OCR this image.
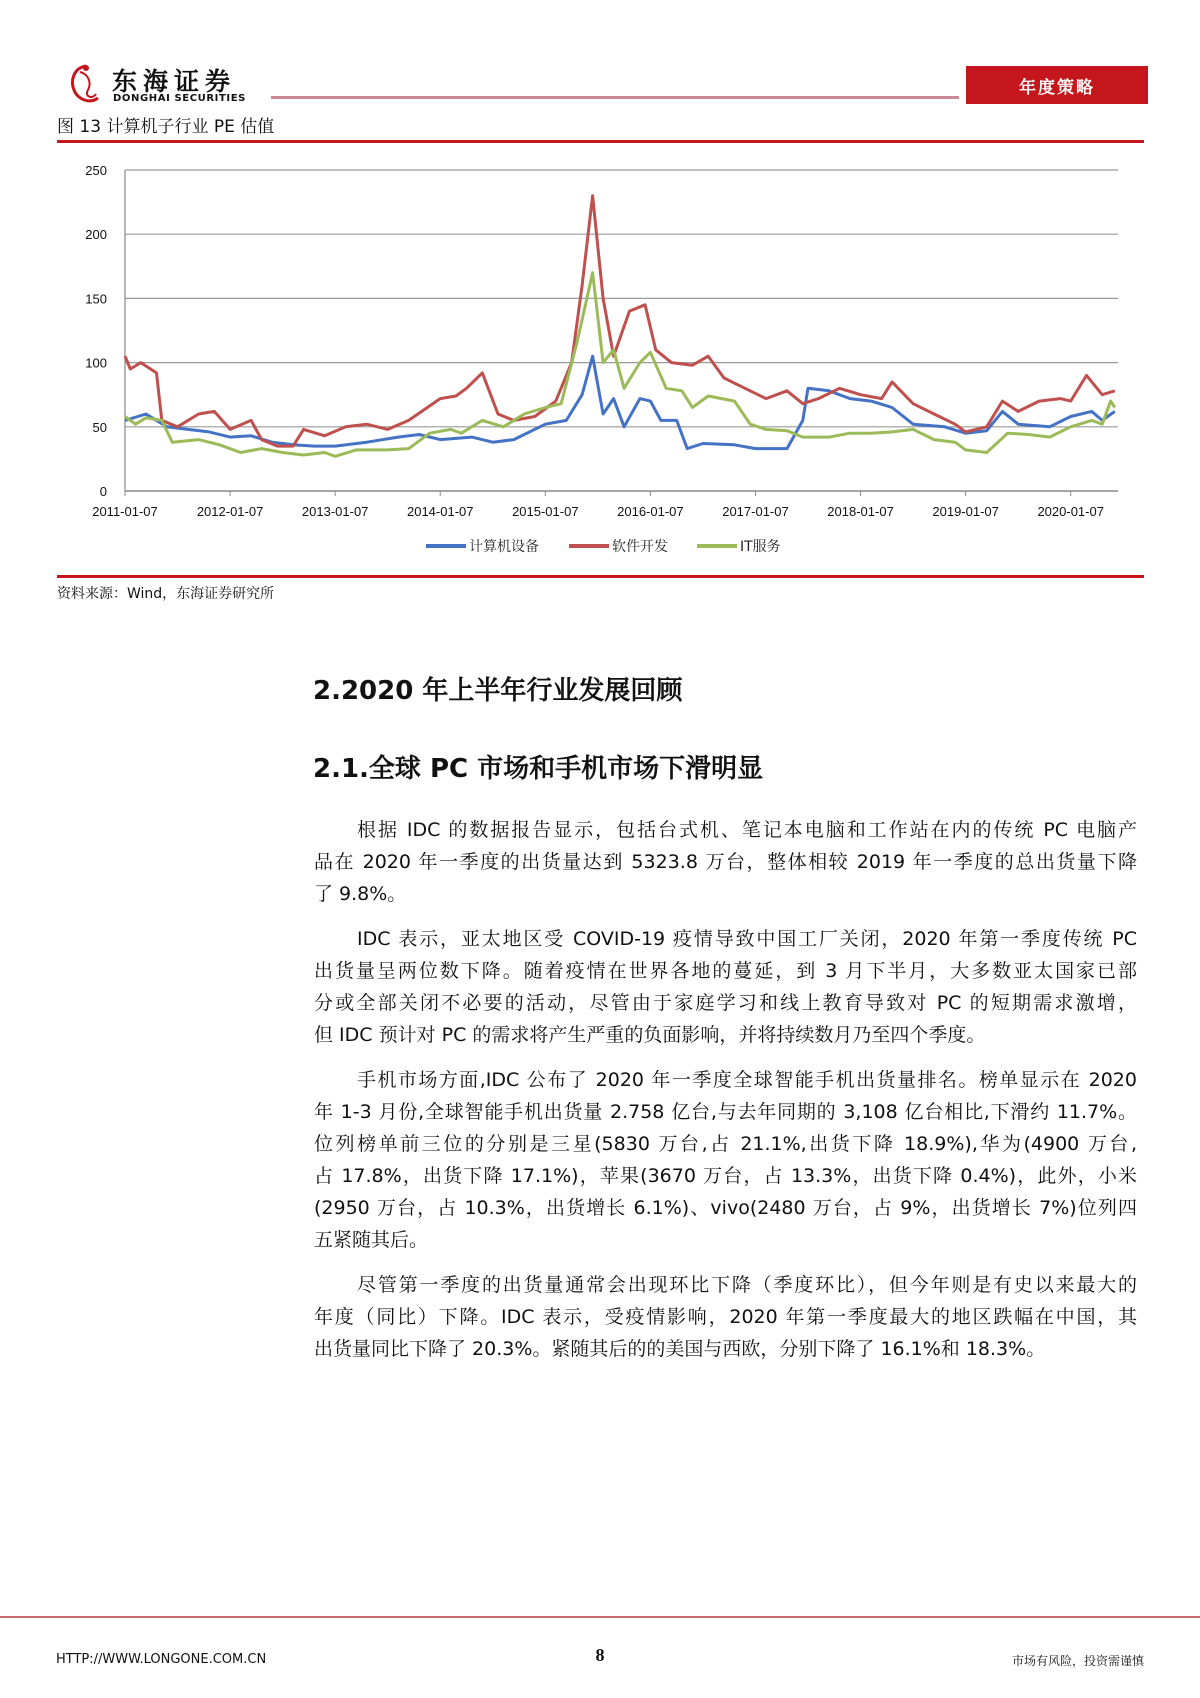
东海证券
DONGHAI SECURITIES
年度策略
图 13 计算机子行业 PE 估值
0
50
100
150
200
250
2011-01-07	2012-01-07	2013-01-07	2014-01-07	2015-01-07	2016-01-07	2017-01-07	2018-01-07	2019-01-07	2020-01-07
计算机设备	软件开发	IT服务
资料来源：Wind，东海证券研究所
2.2020 年上半年行业发展回顾
2.1.全球 PC 市场和手机市场下滑明显
根据 IDC 的数据报告显示，包括台式机、笔记本电脑和工作站在内的传统 PC 电脑产
品在 2020 年一季度的出货量达到 5323.8 万台，整体相较 2019 年一季度的总出货量下降
了 9.8%。
IDC 表示，亚太地区受 COVID-19 疫情导致中国工厂关闭，2020 年第一季度传统 PC
出货量呈两位数下降。随着疫情在世界各地的蔓延，到 3 月下半月，大多数亚太国家已部
分或全部关闭不必要的活动，尽管由于家庭学习和线上教育导致对 PC 的短期需求激增，
但 IDC 预计对 PC 的需求将产生严重的负面影响，并将持续数月乃至四个季度。
手机市场方面,IDC 公布了 2020 年一季度全球智能手机出货量排名。榜单显示在 2020
年 1-3 月份,全球智能手机出货量 2.758 亿台,与去年同期的 3,108 亿台相比,下滑约 11.7%。
位列榜单前三位的分别是三星(5830 万台,占 21.1%,出货下降 18.9%),华为(4900 万台,
占 17.8%，出货下降 17.1%)，苹果(3670 万台，占 13.3%，出货下降 0.4%)，此外，小米
(2950 万台，占 10.3%，出货增长 6.1%)、vivo(2480 万台，占 9%，出货增长 7%)位列四
五紧随其后。
尽管第一季度的出货量通常会出现环比下降（季度环比），但今年则是有史以来最大的
年度（同比）下降。IDC 表示，受疫情影响，2020 年第一季度最大的地区跌幅在中国，其
出货量同比下降了 20.3%。紧随其后的的美国与西欧，分别下降了 16.1%和 18.3%。
HTTP://WWW.LONGONE.COM.CN	8	市场有风险，投资需谨慎
